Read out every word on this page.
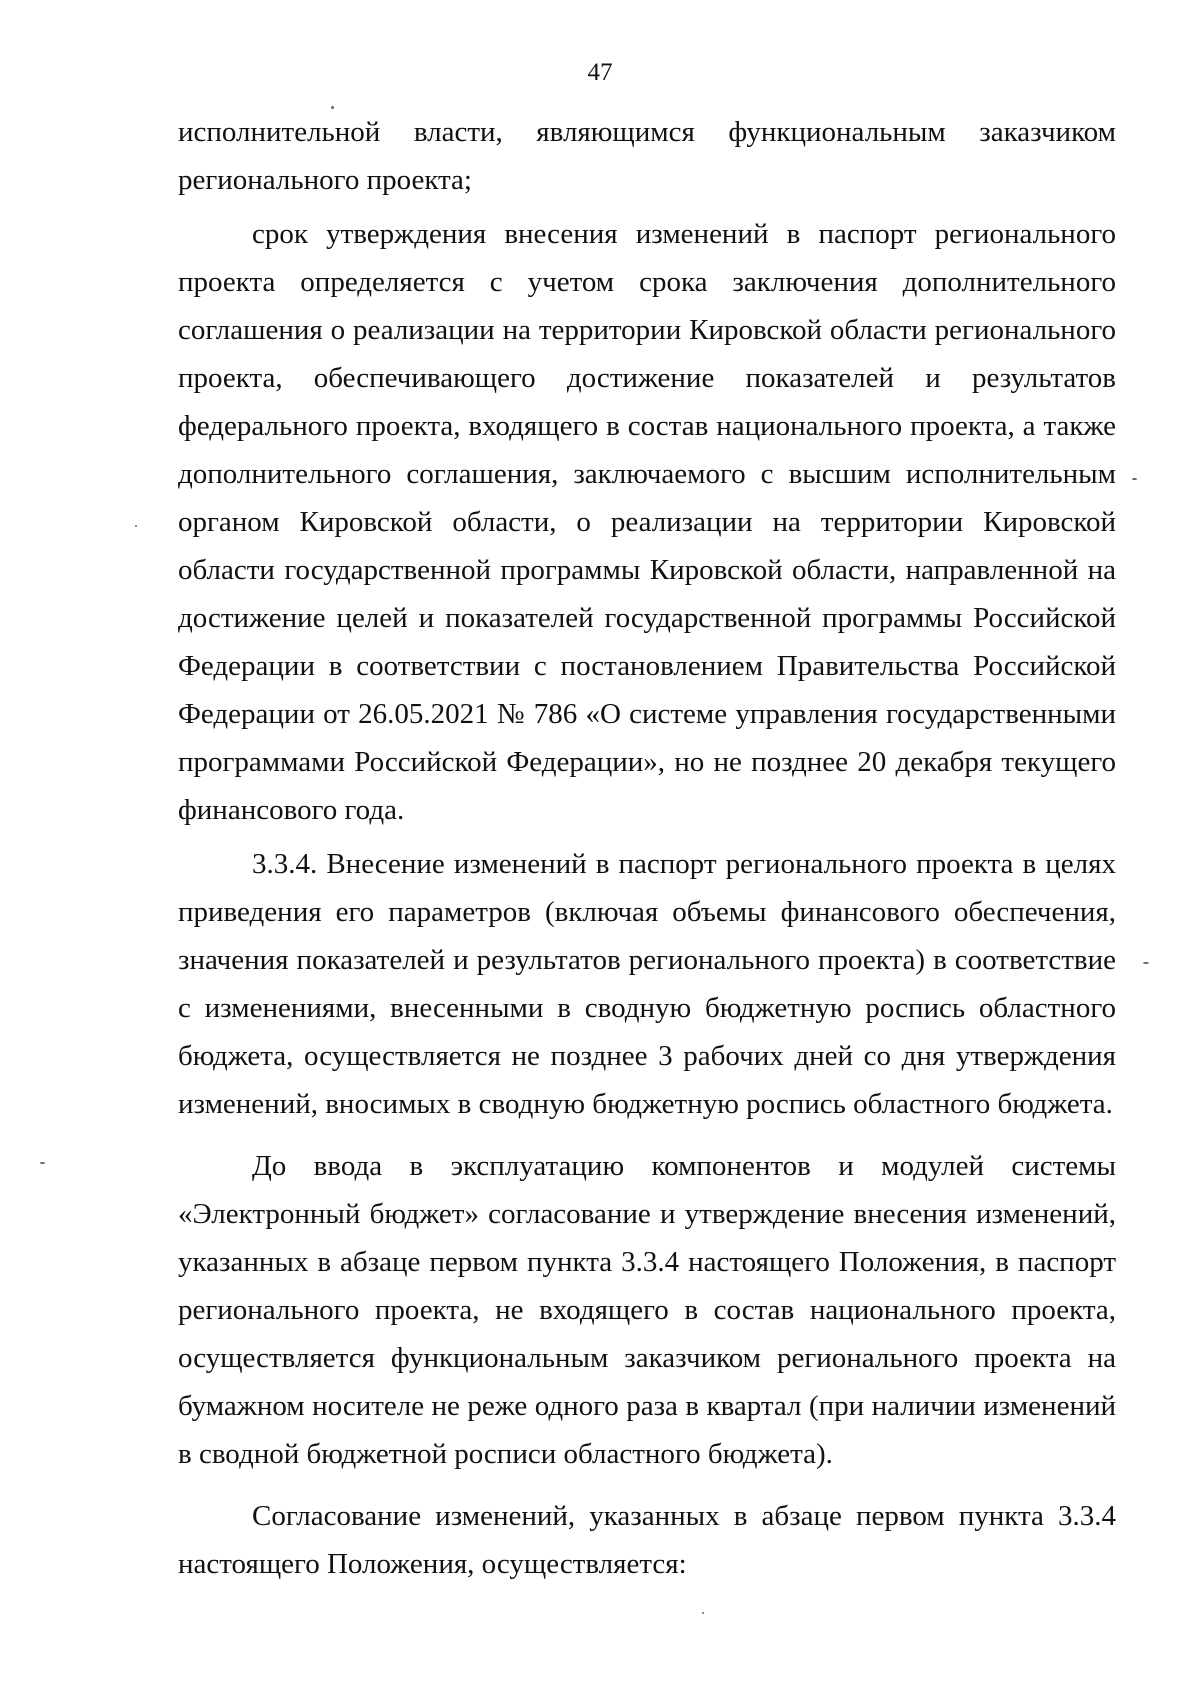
47

исполнительной власти, являющимся функциональным заказчиком регионального проекта;

срок утверждения внесения изменений в паспорт регионального проекта определяется с учетом срока заключения дополнительного соглашения о реализации на территории Кировской области регионального проекта, обеспечивающего достижение показателей и результатов федерального проекта, входящего в состав национального проекта, а также дополнительного соглашения, заключаемого с высшим исполнительным органом Кировской области, о реализации на территории Кировской области государственной программы Кировской области, направленной на достижение целей и показателей государственной программы Российской Федерации в соответствии с постановлением Правительства Российской Федерации от 26.05.2021 № 786 «О системе управления государственными программами Российской Федерации», но не позднее 20 декабря текущего финансового года.

3.3.4. Внесение изменений в паспорт регионального проекта в целях приведения его параметров (включая объемы финансового обеспечения, значения показателей и результатов регионального проекта) в соответствие с изменениями, внесенными в сводную бюджетную роспись областного бюджета, осуществляется не позднее 3 рабочих дней со дня утверждения изменений, вносимых в сводную бюджетную роспись областного бюджета.

До ввода в эксплуатацию компонентов и модулей системы «Электронный бюджет» согласование и утверждение внесения изменений, указанных в абзаце первом пункта 3.3.4 настоящего Положения, в паспорт регионального проекта, не входящего в состав национального проекта, осуществляется функциональным заказчиком регионального проекта на бумажном носителе не реже одного раза в квартал (при наличии изменений в сводной бюджетной росписи областного бюджета).

Согласование изменений, указанных в абзаце первом пункта 3.3.4 настоящего Положения, осуществляется:
